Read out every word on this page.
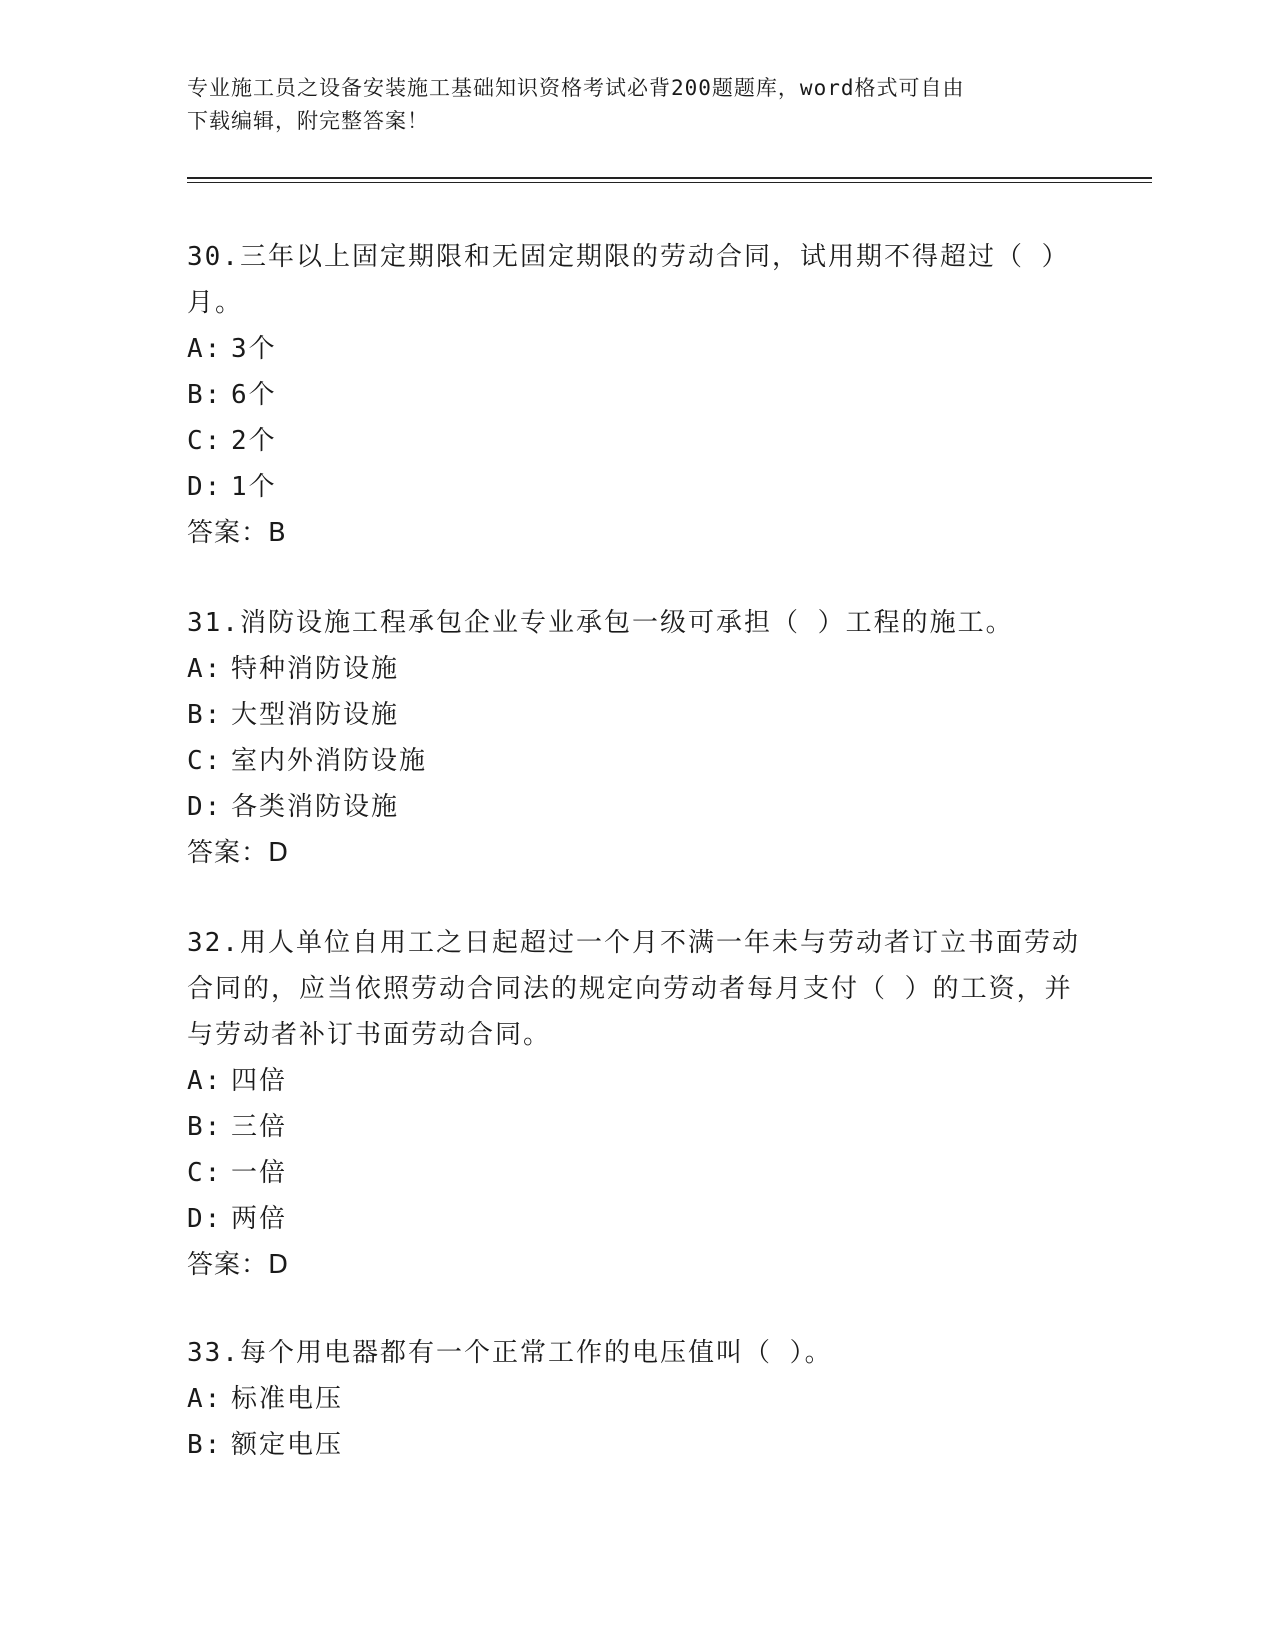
专业施工员之设备安装施工基础知识资格考试必背200题题库，word格式可自由
下载编辑，附完整答案！
30.三年以上固定期限和无固定期限的劳动合同，试用期不得超过（ ）月。
A: 3个
B: 6个
C: 2个
D: 1个
答案：B
31.消防设施工程承包企业专业承包一级可承担（ ）工程的施工。
A: 特种消防设施
B: 大型消防设施
C: 室内外消防设施
D: 各类消防设施
答案：D
32.用人单位自用工之日起超过一个月不满一年未与劳动者订立书面劳动合同的，应当依照劳动合同法的规定向劳动者每月支付（ ）的工资，并与劳动者补订书面劳动合同。
A: 四倍
B: 三倍
C: 一倍
D: 两倍
答案：D
33.每个用电器都有一个正常工作的电压值叫（ ）。
A: 标准电压
B: 额定电压
